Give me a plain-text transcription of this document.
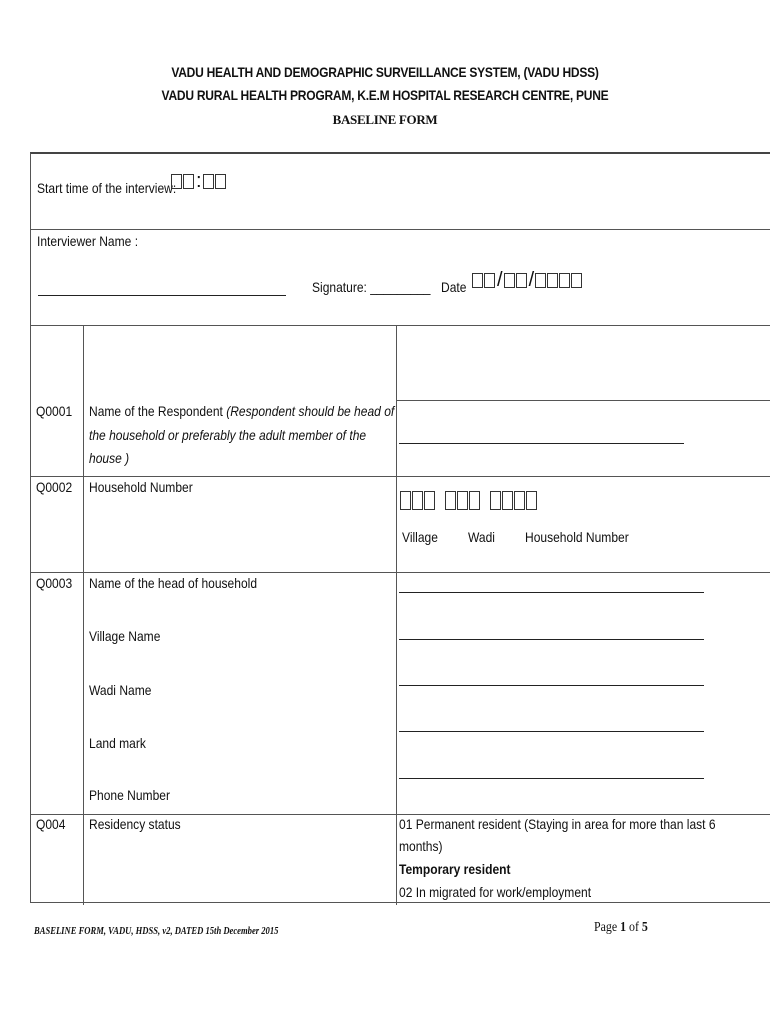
VADU HEALTH AND DEMOGRAPHIC SURVEILLANCE SYSTEM, (VADU HDSS)
VADU RURAL HEALTH PROGRAM, K.E.M HOSPITAL RESEARCH CENTRE, PUNE
BASELINE FORM
Start time of the interview: :
Interviewer Name :
Signature: _________ Date / /
Q0001 Name of the Respondent (Respondent should be head of
the household or preferably the adult member of the
house )
Q0002 Household Number
Village Wadi Household Number
Q0003 Name of the head of household
Village Name
Wadi Name
Land mark
Phone Number
Q004 Residency status	01 Permanent resident (Staying in area for more than last 6
months)
Temporary resident
02 In migrated for work/employment
BASELINE FORM, VADU, HDSS, v2, DATED 15th December 2015	Page 1 of 5
